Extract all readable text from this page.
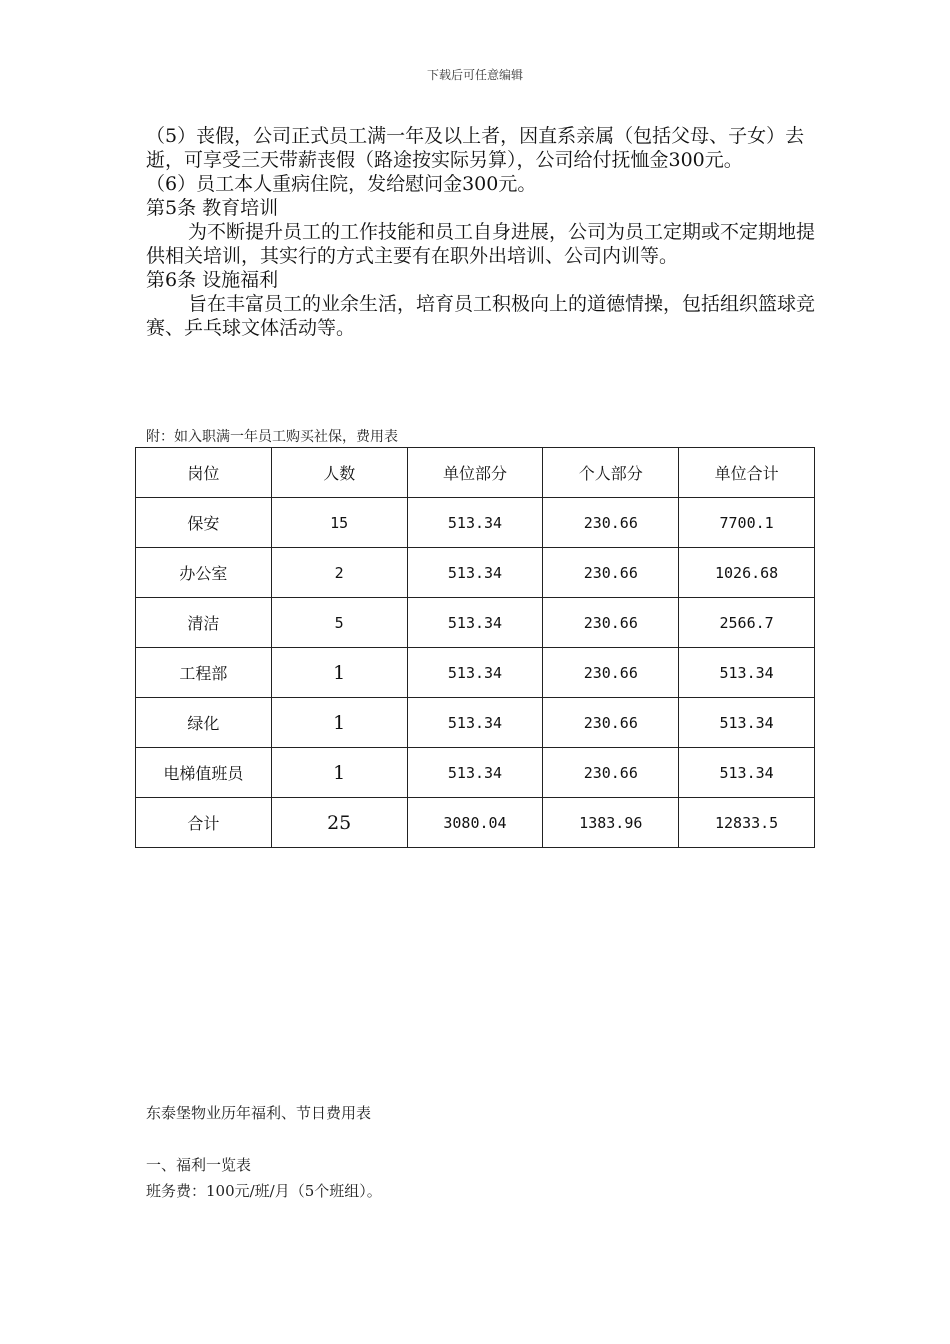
下载后可任意编辑

（5）丧假，公司正式员工满一年及以上者，因直系亲属（包括父母、子女）去逝，可享受三天带薪丧假（路途按实际另算），公司给付抚恤金300元。

（6）员工本人重病住院，发给慰问金300元。

第5条 教育培训

为不断提升员工的工作技能和员工自身进展，公司为员工定期或不定期地提供相关培训，其实行的方式主要有在职外出培训、公司内训等。

第6条 设施福利

旨在丰富员工的业余生活，培育员工积极向上的道德情操，包括组织篮球竞赛、乒乓球文体活动等。

附：如入职满一年员工购买社保，费用表
岗位	人数	单位部分	个人部分	单位合计
保安	15	513.34	230.66	7700.1
办公室	2	513.34	230.66	1026.68
清洁	5	513.34	230.66	2566.7
工程部	1	513.34	230.66	513.34
绿化	1	513.34	230.66	513.34
电梯值班员	1	513.34	230.66	513.34
合计	25	3080.04	1383.96	12833.5
东泰堡物业历年福利、节日费用表
一、福利一览表
班务费：100元/班/月（5个班组）。
